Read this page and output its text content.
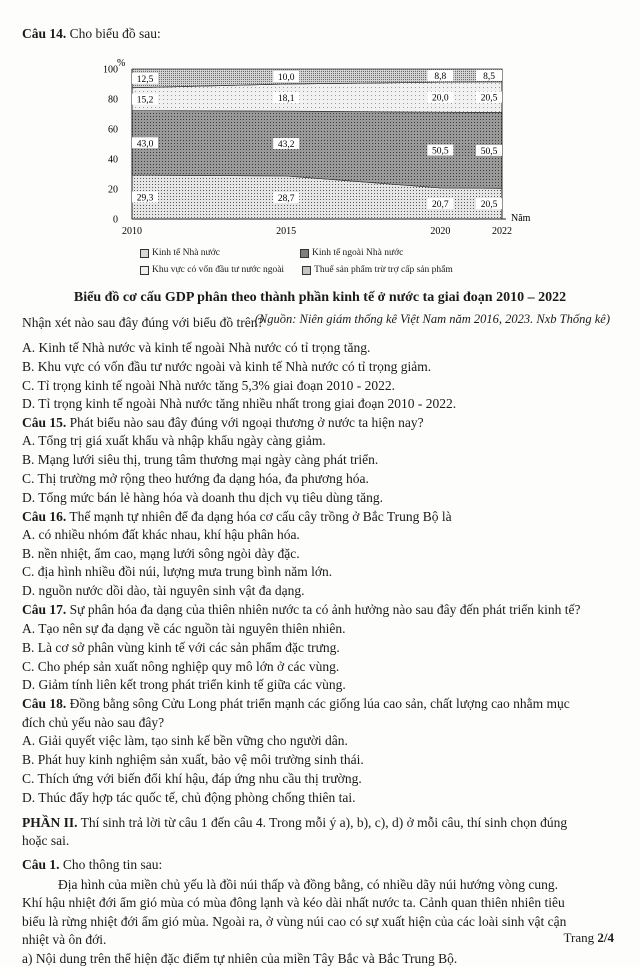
Câu 14. Cho biểu đồ sau:
0
20
40
60
80
100
2010	2015	2020	2022
29,3	28,7
20,7	20,5
43,0	43,2
50,5	50,5
15,2	18,1	20,0	20,5
12,5	10,0	8,8	8,5
%
Năm
Kinh tế Nhà nước	Kinh tế ngoài Nhà nước
Khu vực có vốn đầu tư nước ngoài	Thuế sản phẩm trừ trợ cấp sản phẩm
Biểu đồ cơ cấu GDP phân theo thành phần kinh tế ở nước ta giai đoạn 2010 – 2022
(Nguồn: Niên giám thống kê Việt Nam năm 2016, 2023. Nxb Thống kê)
Nhận xét nào sau đây đúng với biểu đồ trên?
A. Kinh tế Nhà nước và kinh tế ngoài Nhà nước có tỉ trọng tăng.
B. Khu vực có vốn đầu tư nước ngoài và kinh tế Nhà nước có tỉ trọng giảm.
C. Tỉ trọng kinh tế ngoài Nhà nước tăng 5,3% giai đoạn 2010 - 2022.
D. Tỉ trọng kinh tế ngoài Nhà nước tăng nhiều nhất trong giai đoạn 2010 - 2022.
Câu 15. Phát biểu nào sau đây đúng với ngoại thương ở nước ta hiện nay?
A. Tổng trị giá xuất khẩu và nhập khẩu ngày càng giảm.
B. Mạng lưới siêu thị, trung tâm thương mại ngày càng phát triển.
C. Thị trường mở rộng theo hướng đa dạng hóa, đa phương hóa.
D. Tổng mức bán lẻ hàng hóa và doanh thu dịch vụ tiêu dùng tăng.
Câu 16. Thế mạnh tự nhiên để đa dạng hóa cơ cấu cây trồng ở Bắc Trung Bộ là
A. có nhiều nhóm đất khác nhau, khí hậu phân hóa.
B. nền nhiệt, ẩm cao, mạng lưới sông ngòi dày đặc.
C. địa hình nhiều đồi núi, lượng mưa trung bình năm lớn.
D. nguồn nước dồi dào, tài nguyên sinh vật đa dạng.
Câu 17. Sự phân hóa đa dạng của thiên nhiên nước ta có ảnh hưởng nào sau đây đến phát triển kinh tế?
A. Tạo nên sự đa dạng về các nguồn tài nguyên thiên nhiên.
B. Là cơ sở phân vùng kinh tế với các sản phẩm đặc trưng.
C. Cho phép sản xuất nông nghiệp quy mô lớn ở các vùng.
D. Giảm tính liên kết trong phát triển kinh tế giữa các vùng.
Câu 18. Đồng bằng sông Cửu Long phát triển mạnh các giống lúa cao sản, chất lượng cao nhằm mục
đích chủ yếu nào sau đây?
A. Giải quyết việc làm, tạo sinh kế bền vững cho người dân.
B. Phát huy kinh nghiệm sản xuất, bảo vệ môi trường sinh thái.
C. Thích ứng với biến đổi khí hậu, đáp ứng nhu cầu thị trường.
D. Thúc đẩy hợp tác quốc tế, chủ động phòng chống thiên tai.
PHẦN II. Thí sinh trả lời từ câu 1 đến câu 4. Trong mỗi ý a), b), c), d) ở mỗi câu, thí sinh chọn đúng
hoặc sai.
Câu 1. Cho thông tin sau:
Địa hình của miền chủ yếu là đồi núi thấp và đồng bằng, có nhiều dãy núi hướng vòng cung.
Khí hậu nhiệt đới ẩm gió mùa có mùa đông lạnh và kéo dài nhất nước ta. Cảnh quan thiên nhiên tiêu
biểu là rừng nhiệt đới ẩm gió mùa. Ngoài ra, ở vùng núi cao có sự xuất hiện của các loài sinh vật cận
nhiệt và ôn đới.
a) Nội dung trên thể hiện đặc điểm tự nhiên của miền Tây Bắc và Bắc Trung Bộ.
Trang 2/4
